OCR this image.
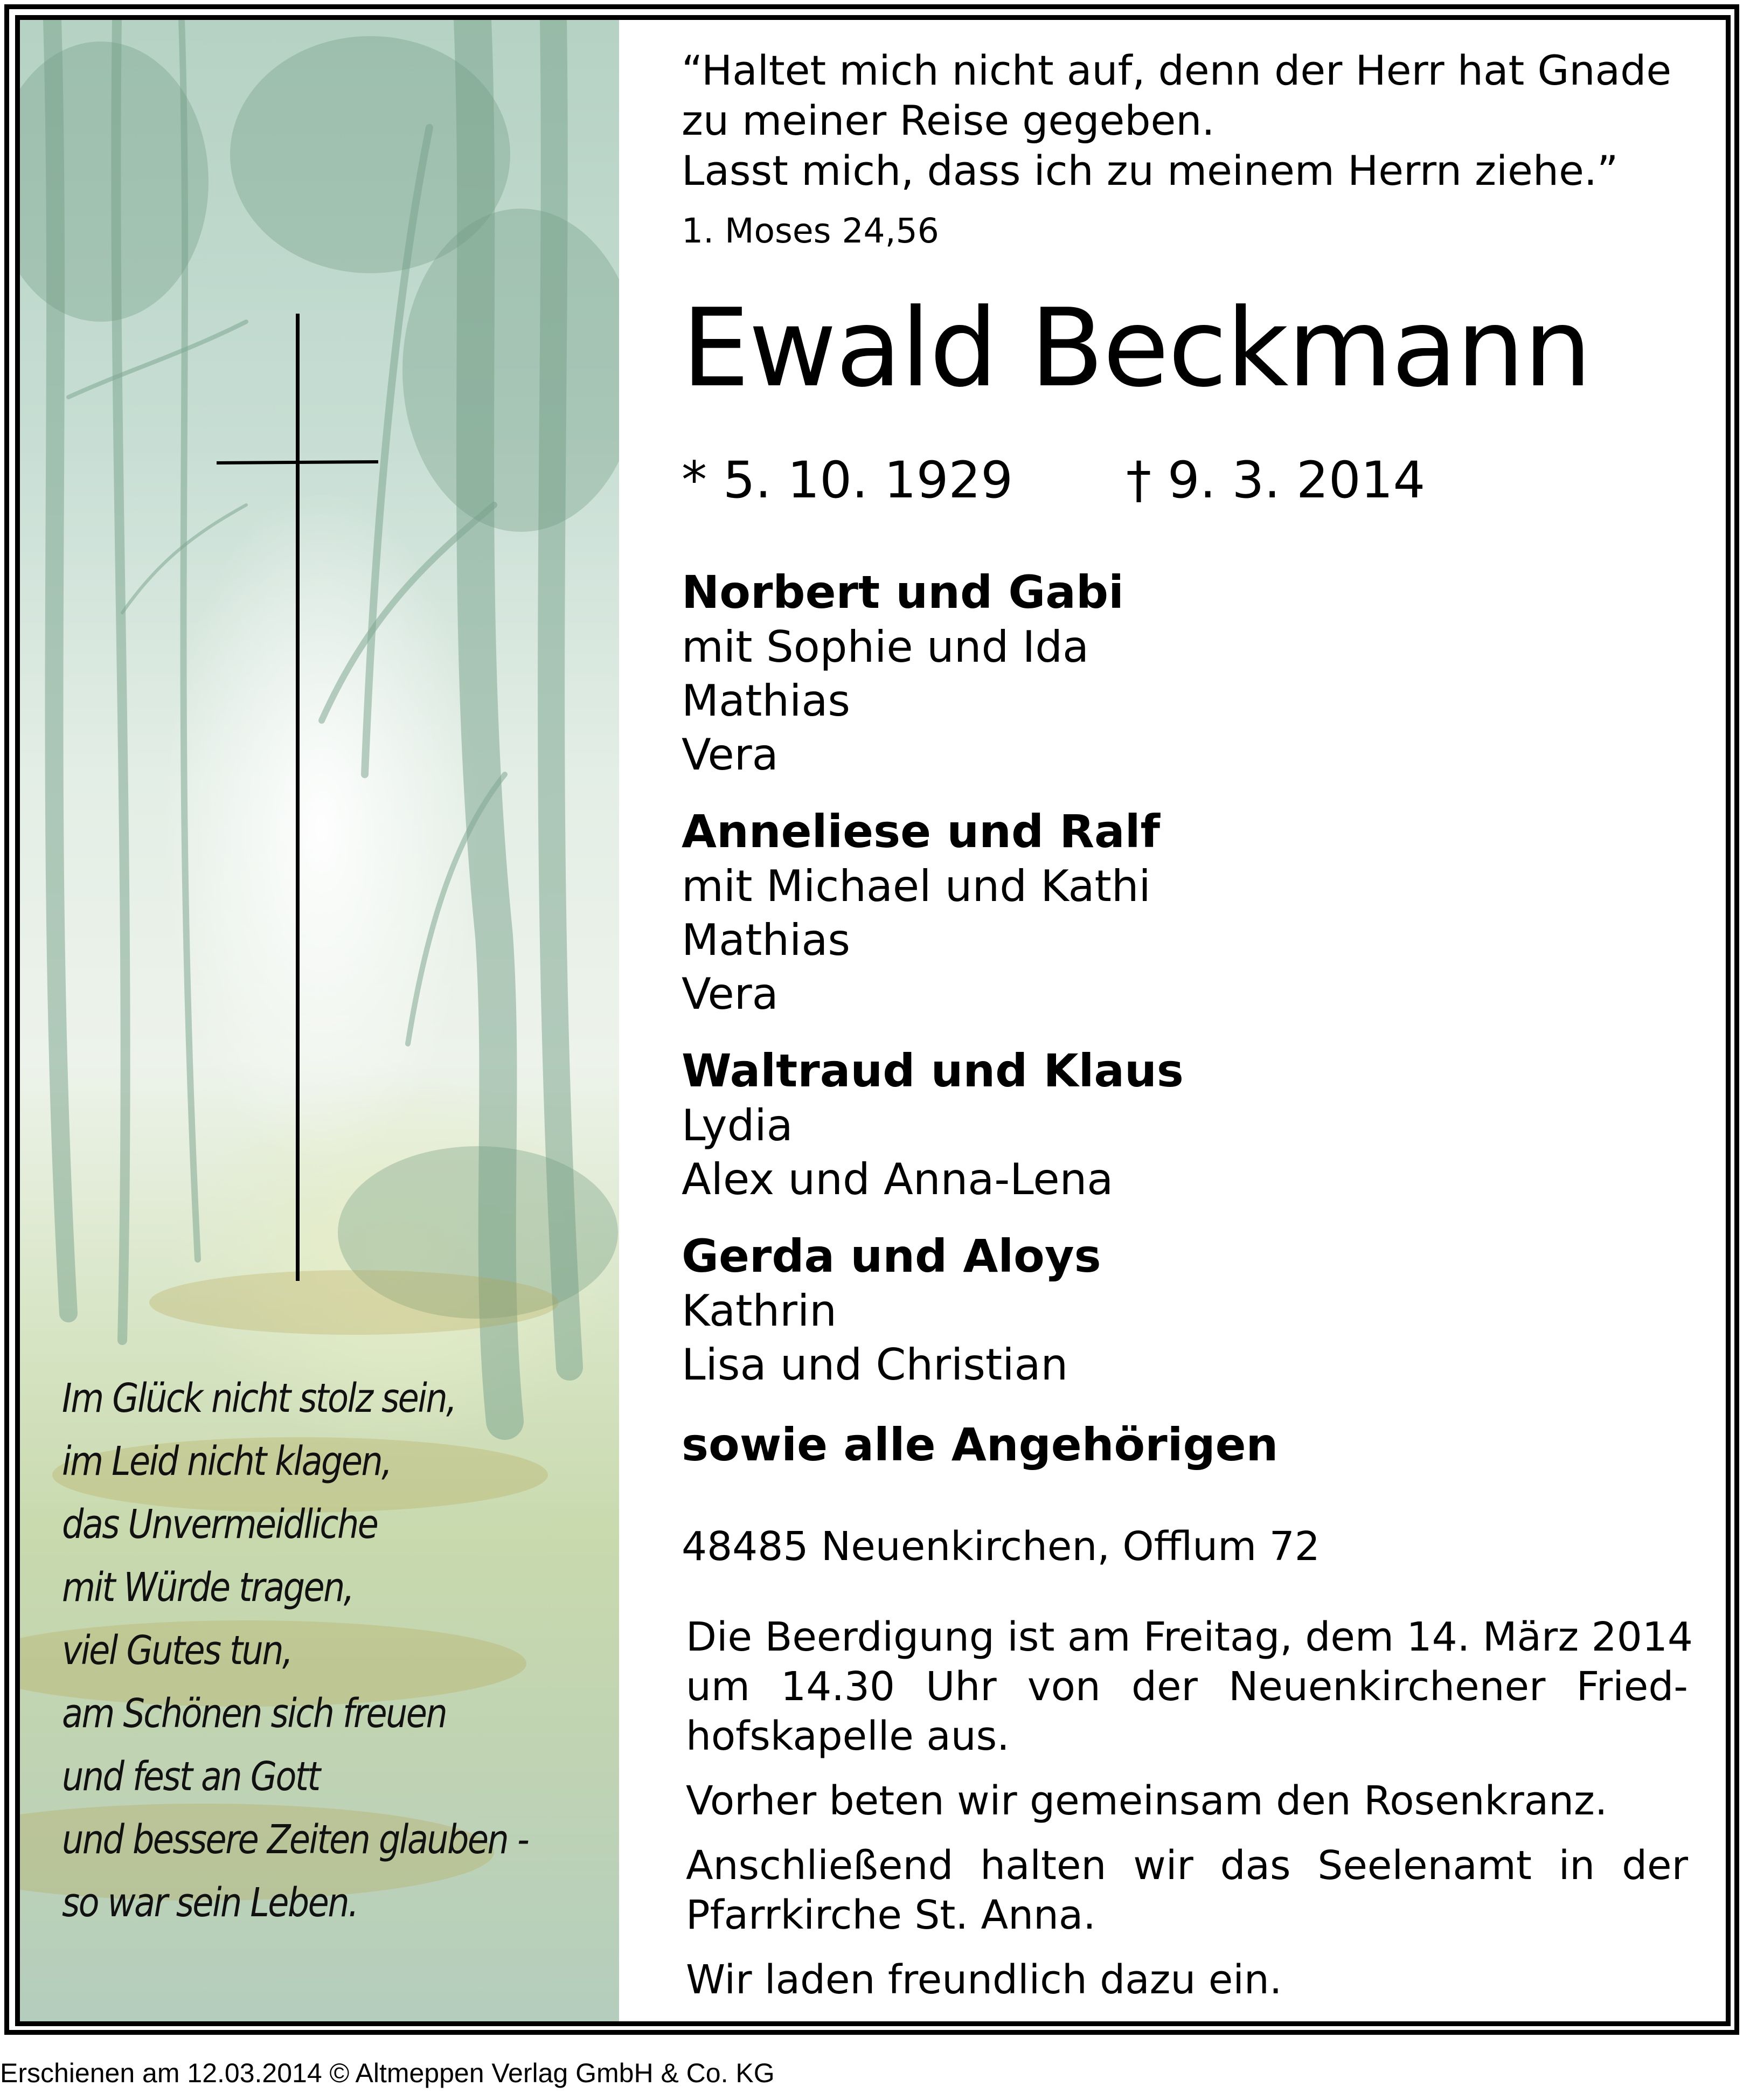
Im Glück nicht stolz sein,
im Leid nicht klagen,
das Unvermeidliche
mit Würde tragen,
viel Gutes tun,
am Schönen sich freuen
und fest an Gott
und bessere Zeiten glauben -
so war sein Leben.
“Haltet mich nicht auf, denn der Herr hat Gnade
zu meiner Reise gegeben.
Lasst mich, dass ich zu meinem Herrn ziehe.”
1. Moses 24,56
Ewald Beckmann
* 5. 10. 1929 † 9. 3. 2014
Norbert und Gabi
mit Sophie und Ida
Mathias
Vera
Anneliese und Ralf
mit Michael und Kathi
Mathias
Vera
Waltraud und Klaus
Lydia
Alex und Anna-Lena
Gerda und Aloys
Kathrin
Lisa und Christian
sowie alle Angehörigen
48485 Neuenkirchen, Offlum 72
Die Beerdigung ist am Freitag, dem 14. März 2014
um 14.30 Uhr von der Neuenkirchener Fried-
hofskapelle aus.
Vorher beten wir gemeinsam den Rosenkranz.
Anschließend halten wir das Seelenamt in der
Pfarrkirche St. Anna.
Wir laden freundlich dazu ein.
Erschienen am 12.03.2014 © Altmeppen Verlag GmbH & Co. KG
